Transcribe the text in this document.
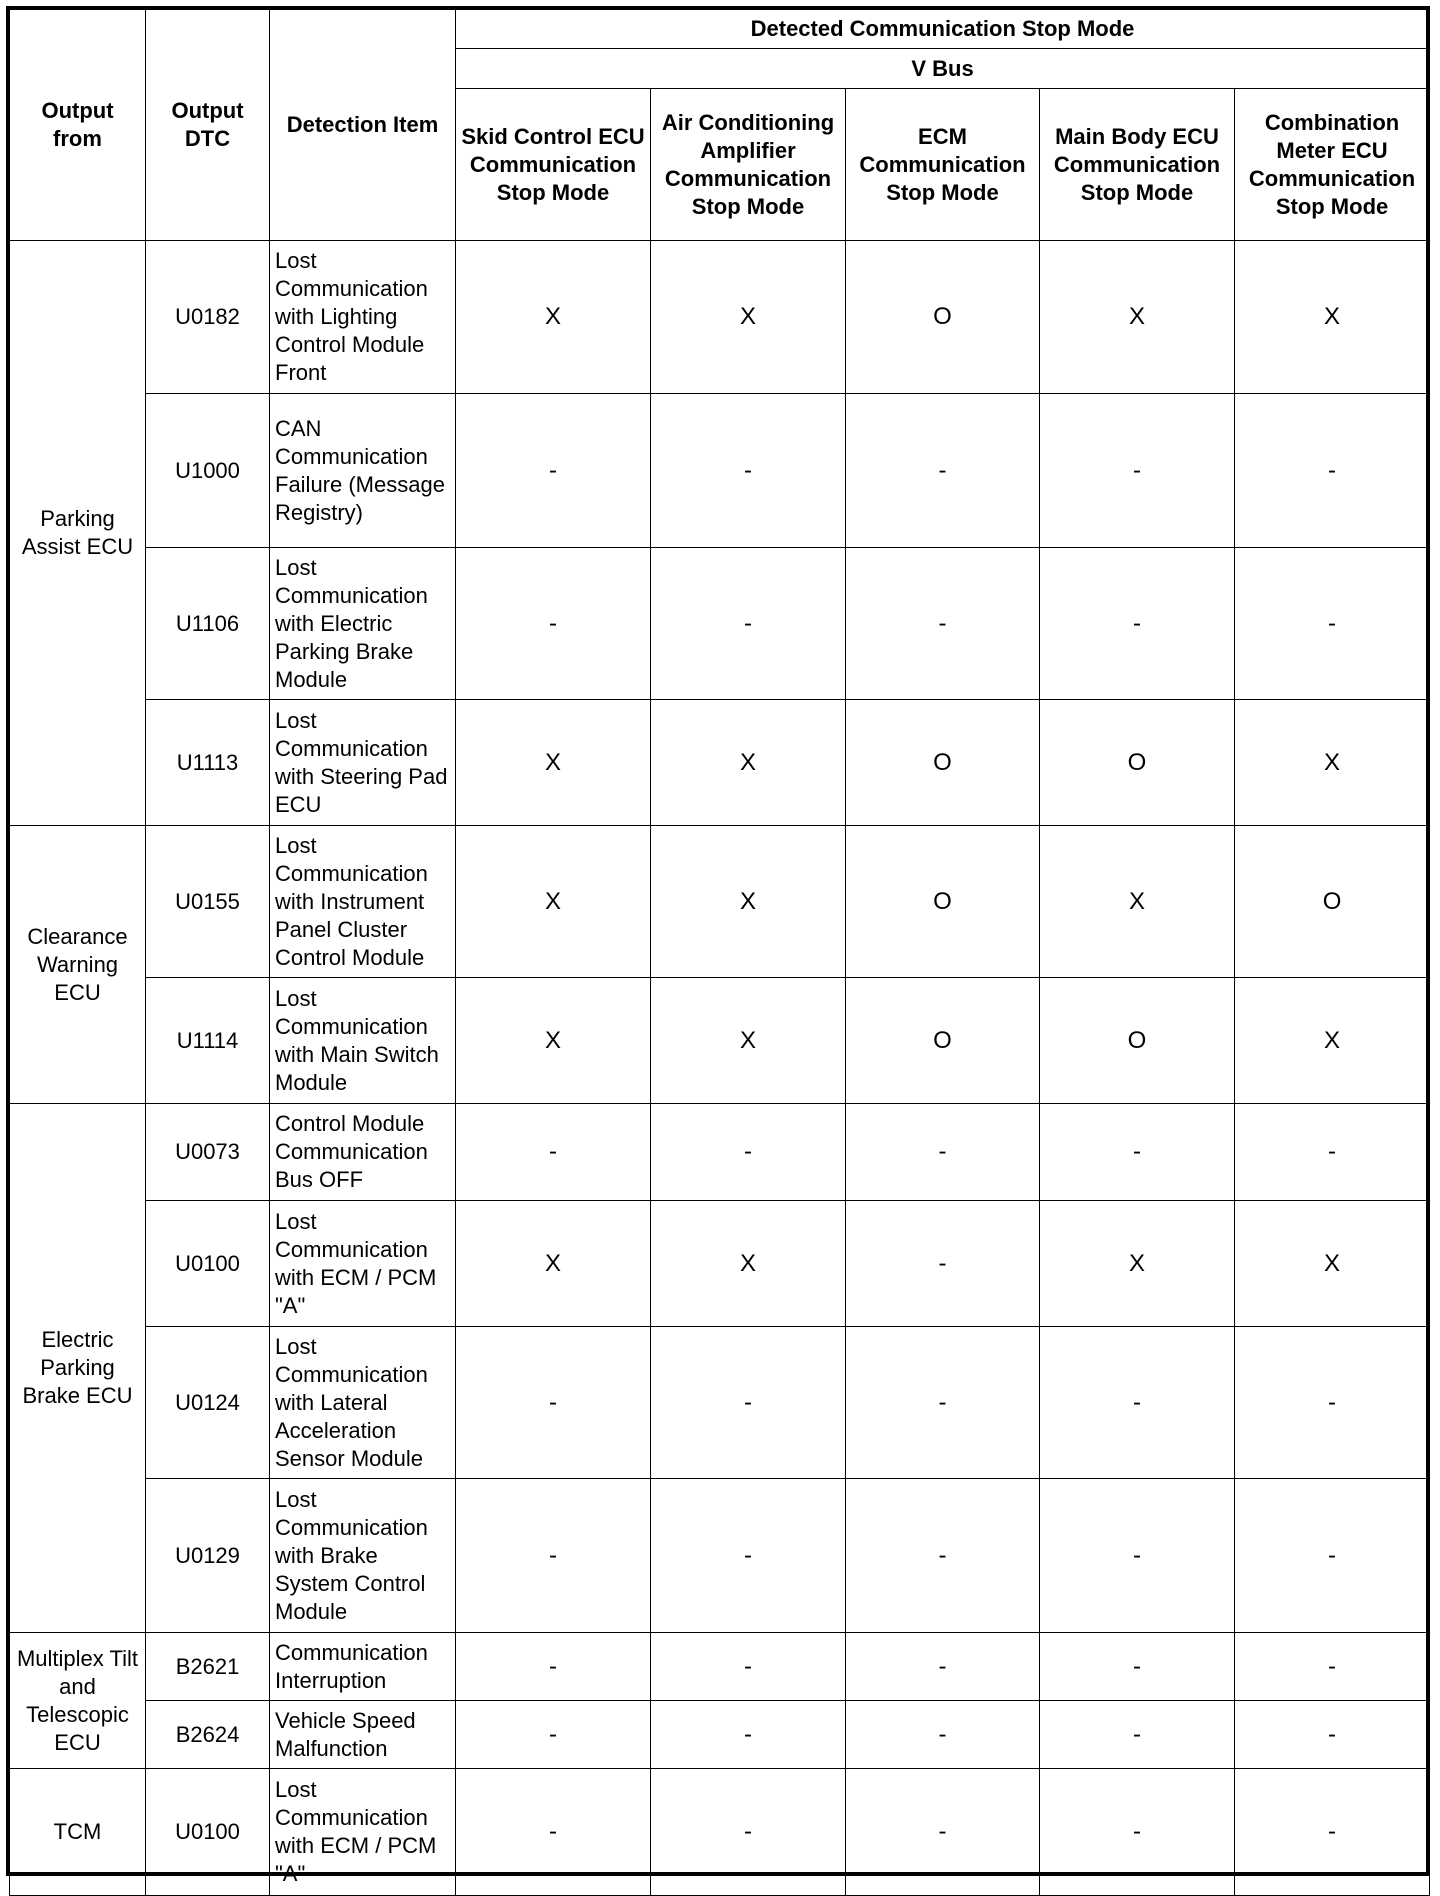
Output from	Output DTC	Detection Item	Detected Communication Stop Mode				
			V Bus				
			Skid Control ECU Communication Stop Mode	Air Conditioning Amplifier Communication Stop Mode	ECM Communication Stop Mode	Main Body ECU Communication Stop Mode	Combination Meter ECU Communication Stop Mode
Parking Assist ECU	U0182	Lost Communication with Lighting Control Module Front	X	X	O	X	X
	U1000	CAN Communication Failure (Message Registry)	-	-	-	-	-
	U1106	Lost Communication with Electric Parking Brake Module	-	-	-	-	-
	U1113	Lost Communication with Steering Pad ECU	X	X	O	O	X
Clearance Warning ECU	U0155	Lost Communication with Instrument Panel Cluster Control Module	X	X	O	X	O
	U1114	Lost Communication with Main Switch Module	X	X	O	O	X
Electric Parking Brake ECU	U0073	Control Module Communication Bus OFF	-	-	-	-	-
	U0100	Lost Communication with ECM / PCM "A"	X	X	-	X	X
	U0124	Lost Communication with Lateral Acceleration Sensor Module	-	-	-	-	-
	U0129	Lost Communication with Brake System Control Module	-	-	-	-	-
Multiplex Tilt and Telescopic ECU	B2621	Communication Interruption	-	-	-	-	-
	B2624	Vehicle Speed Malfunction	-	-	-	-	-
TCM	U0100	Lost Communication with ECM / PCM "A"	-	-	-	-	-
